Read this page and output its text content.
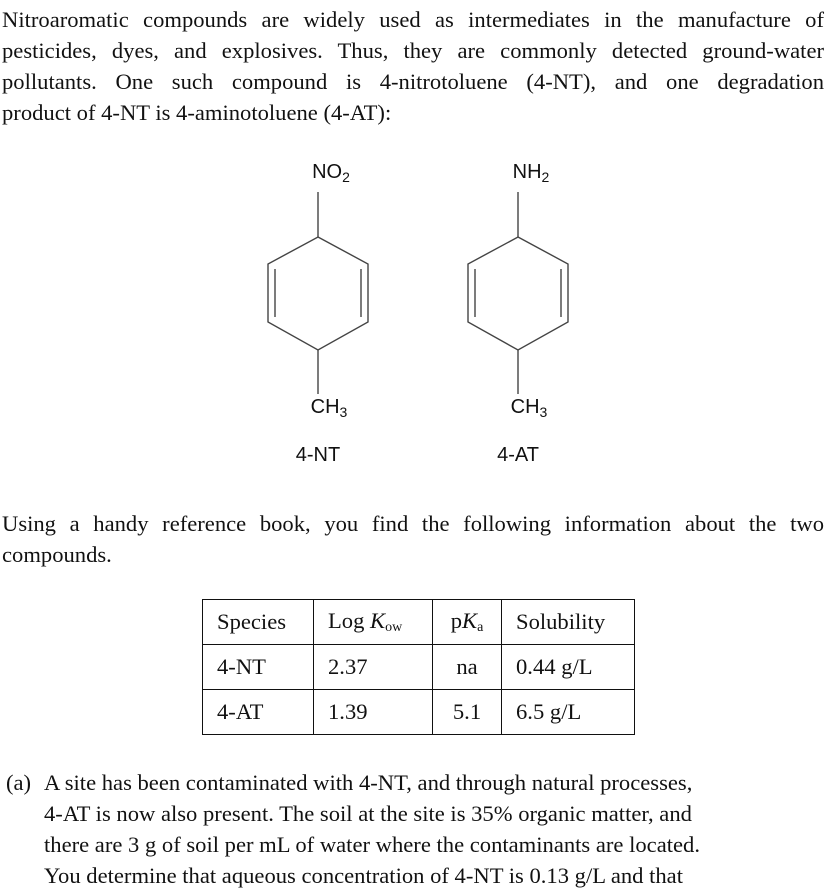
Nitroaromatic compounds are widely used as intermediates in the manufacture of
pesticides, dyes, and explosives. Thus, they are commonly detected ground-water
pollutants. One such compound is 4-nitrotoluene (4-NT), and one degradation
product of 4-NT is 4-aminotoluene (4-AT):
$NO_2$
$CH_3$
4-NT
$NH_2$
$CH_3$
4-AT
Using a handy reference book, you find the following information about the two
compounds.
Species	Log $K_{ow}$	$pK_a$	Solubility
4-NT	2.37	na	0.44 g/L
4-AT	1.39	5.1	6.5 g/L
(a) A site has been contaminated with 4-NT, and through natural processes,
4-AT is now also present. The soil at the site is 35% organic matter, and
there are 3 g of soil per mL of water where the contaminants are located.
You determine that aqueous concentration of 4-NT is 0.13 g/L and that
